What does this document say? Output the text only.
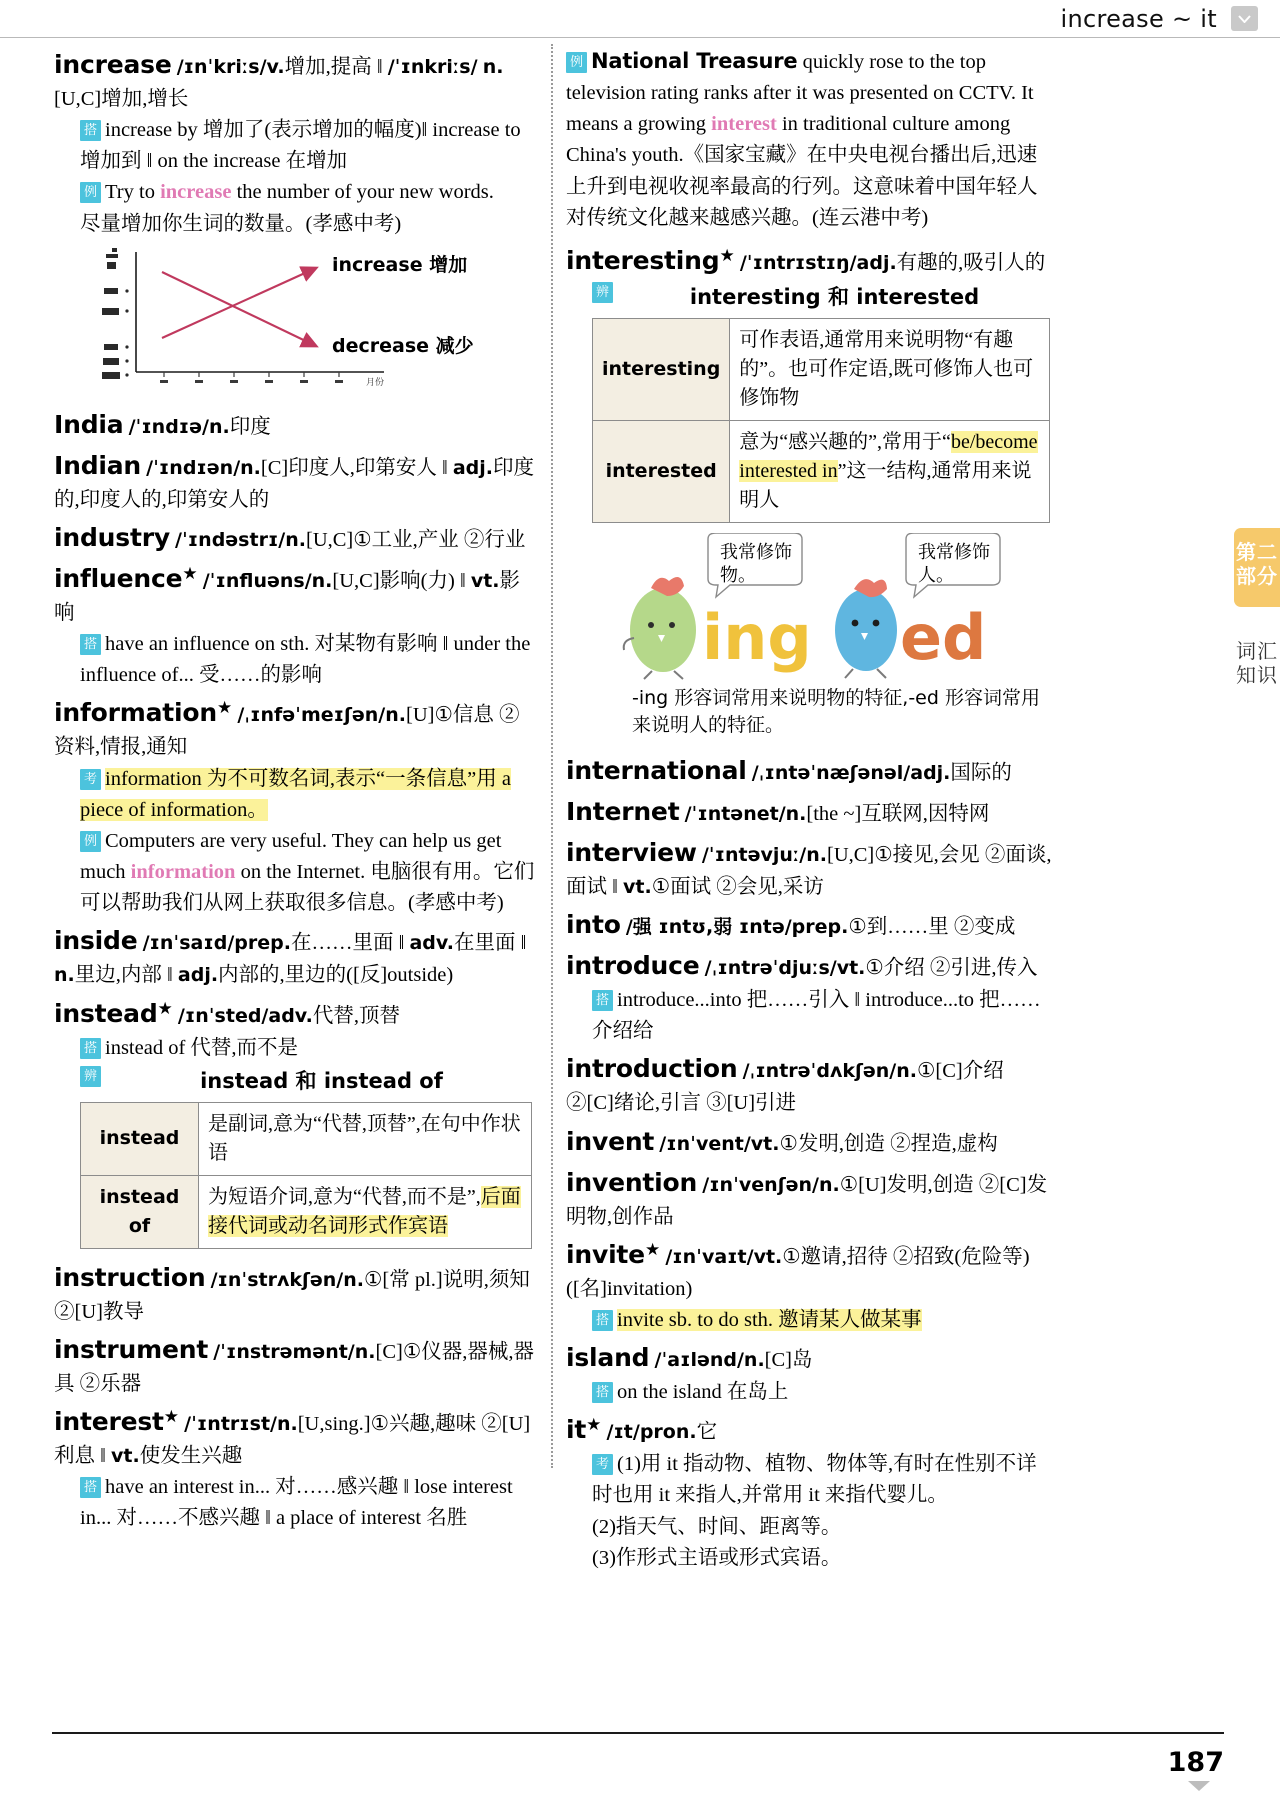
increase ~ it
increase /ɪnˈkriːs/v.增加,提高 ‖ /ˈɪnkriːs/ n.[U,C]增加,增长
搭 increase by 增加了(表示增加的幅度)‖ increase to 增加到 ‖ on the increase 在增加
例 Try to increase the number of your new words.
尽量增加你生词的数量。(孝感中考)
月份
increase 增加
decrease 减少
India /ˈɪndɪə/n.印度
Indian /ˈɪndɪən/n.[C]印度人,印第安人 ‖ adj.印度的,印度人的,印第安人的
industry /ˈɪndəstrɪ/n.[U,C]①工业,产业 ②行业
influence★ /ˈɪnfluəns/n.[U,C]影响(力) ‖ vt.影响
搭 have an influence on sth. 对某物有影响 ‖ under the influence of... 受……的影响
information★ /ˌɪnfəˈmeɪʃən/n.[U]①信息 ②资料,情报,通知
考 information 为不可数名词,表示“一条信息”用 a piece of information。
例 Computers are very useful. They can help us get much information on the Internet. 电脑很有用。它们可以帮助我们从网上获取很多信息。(孝感中考)
inside /ɪnˈsaɪd/prep.在……里面 ‖ adv.在里面 ‖ n.里边,内部 ‖ adj.内部的,里边的([反]outside)
instead★ /ɪnˈsted/adv.代替,顶替
搭 instead of 代替,而不是
辨	instead 和 instead of
instead	是副词,意为“代替,顶替”,在句中作状语
instead of	为短语介词,意为“代替,而不是”,后面接代词或动名词形式作宾语
instruction /ɪnˈstrʌkʃən/n.①[常 pl.]说明,须知 ②[U]教导
instrument /ˈɪnstrəmənt/n.[C]①仪器,器械,器具 ②乐器
interest★ /ˈɪntrɪst/n.[U,sing.]①兴趣,趣味 ②[U]利息 ‖ vt.使发生兴趣
搭 have an interest in... 对……感兴趣 ‖ lose interest in... 对……不感兴趣 ‖ a place of interest 名胜
例 National Treasure quickly rose to the top television rating ranks after it was presented on CCTV. It means a growing interest in traditional culture among China's youth.《国家宝藏》在中央电视台播出后,迅速上升到电视收视率最高的行列。这意味着中国年轻人对传统文化越来越感兴趣。(连云港中考)
interesting★ /ˈɪntrɪstɪŋ/adj.有趣的,吸引人的
辨	interesting 和 interested
interesting	可作表语,通常用来说明物“有趣的”。也可作定语,既可修饰人也可修饰物
interested	意为“感兴趣的”,常用于“be/become interested in”这一结构,通常用来说明人
ing ed
我常修饰物。
我常修饰人。
-ing 形容词常用来说明物的特征,-ed 形容词常用来说明人的特征。
international /ˌɪntəˈnæʃənəl/adj.国际的
Internet /ˈɪntənet/n.[the ~]互联网,因特网
interview /ˈɪntəvjuː/n.[U,C]①接见,会见 ②面谈,面试 ‖ vt.①面试 ②会见,采访
into /强 ɪntʊ,弱 ɪntə/prep.①到……里 ②变成
introduce /ˌɪntrəˈdjuːs/vt.①介绍 ②引进,传入
搭 introduce...into 把……引入 ‖ introduce...to 把……介绍给
introduction /ˌɪntrəˈdʌkʃən/n.①[C]介绍 ②[C]绪论,引言 ③[U]引进
invent /ɪnˈvent/vt.①发明,创造 ②捏造,虚构
invention /ɪnˈvenʃən/n.①[U]发明,创造 ②[C]发明物,创作品
invite★ /ɪnˈvaɪt/vt.①邀请,招待 ②招致(危险等)([名]invitation)
搭 invite sb. to do sth. 邀请某人做某事
island /ˈaɪlənd/n.[C]岛
搭 on the island 在岛上
it★ /ɪt/pron.它
考 (1)用 it 指动物、植物、物体等,有时在性别不详时也用 it 来指人,并常用 it 来指代婴儿。
(2)指天气、时间、距离等。
(3)作形式主语或形式宾语。
第二部分
词汇知识
187
